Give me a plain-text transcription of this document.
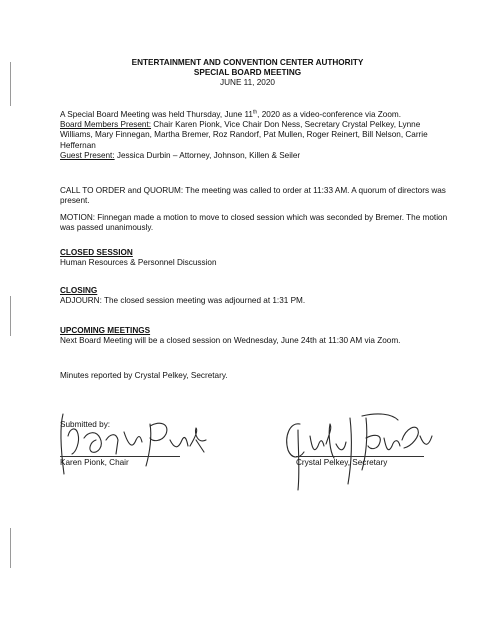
ENTERTAINMENT AND CONVENTION CENTER AUTHORITY
SPECIAL BOARD MEETING
JUNE 11, 2020

A Special Board Meeting was held Thursday, June 11th, 2020 as a video-conference via Zoom.

Board Members Present: Chair Karen Pionk, Vice Chair Don Ness, Secretary Crystal Pelkey, Lynne Williams, Mary Finnegan, Martha Bremer, Roz Randorf, Pat Mullen, Roger Reinert, Bill Nelson, Carrie Heffernan

Guest Present: Jessica Durbin – Attorney, Johnson, Killen & Seiler

CALL TO ORDER and QUORUM: The meeting was called to order at 11:33 AM. A quorum of directors was present.
MOTION: Finnegan made a motion to move to closed session which was seconded by Bremer. The motion was passed unanimously.

CLOSED SESSION

Human Resources & Personnel Discussion

CLOSING

ADJOURN: The closed session meeting was adjourned at 1:31 PM.

UPCOMING MEETINGS

Next Board Meeting will be a closed session on Wednesday, June 24th at 11:30 AM via Zoom.

Minutes reported by Crystal Pelkey, Secretary.
Submitted by:
Karen Pionk, Chair	Crystal Pelkey, Secretary
